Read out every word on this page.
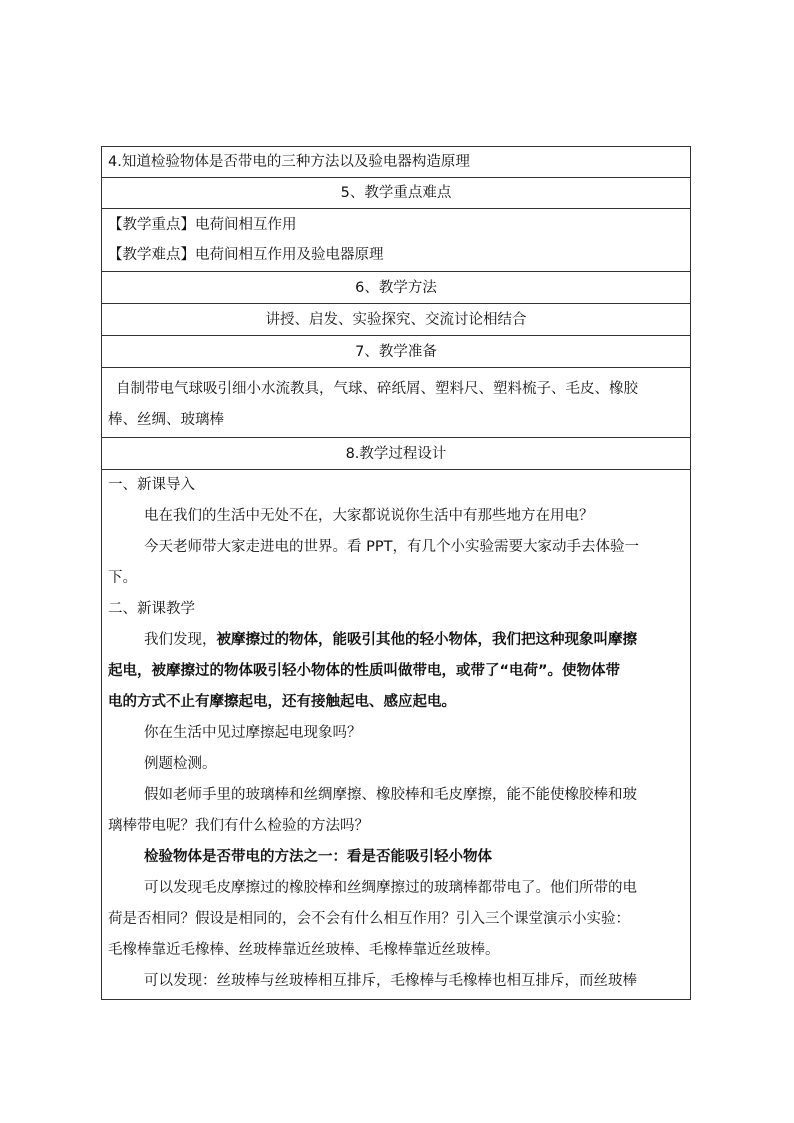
4.知道检验物体是否带电的三种方法以及验电器构造原理
5、教学重点难点
【教学重点】电荷间相互作用
【教学难点】电荷间相互作用及验电器原理
6、教学方法
讲授、启发、实验探究、交流讨论相结合
7、教学准备
自制带电气球吸引细小水流教具，气球、碎纸屑、塑料尺、塑料梳子、毛皮、橡胶
棒、丝绸、玻璃棒
8.教学过程设计
一、新课导入
电在我们的生活中无处不在，大家都说说你生活中有那些地方在用电？
今天老师带大家走进电的世界。看 PPT，有几个小实验需要大家动手去体验一
下。
二、新课教学
我们发现，被摩擦过的物体，能吸引其他的轻小物体，我们把这种现象叫摩擦
起电，被摩擦过的物体吸引轻小物体的性质叫做带电，或带了“电荷”。使物体带
电的方式不止有摩擦起电，还有接触起电、感应起电。
你在生活中见过摩擦起电现象吗？
例题检测。
假如老师手里的玻璃棒和丝绸摩擦、橡胶棒和毛皮摩擦，能不能使橡胶棒和玻
璃棒带电呢？我们有什么检验的方法吗？
检验物体是否带电的方法之一：看是否能吸引轻小物体
可以发现毛皮摩擦过的橡胶棒和丝绸摩擦过的玻璃棒都带电了。他们所带的电
荷是否相同？假设是相同的，会不会有什么相互作用？引入三个课堂演示小实验：
毛橡棒靠近毛橡棒、丝玻棒靠近丝玻棒、毛橡棒靠近丝玻棒。
可以发现：丝玻棒与丝玻棒相互排斥，毛橡棒与毛橡棒也相互排斥，而丝玻棒
